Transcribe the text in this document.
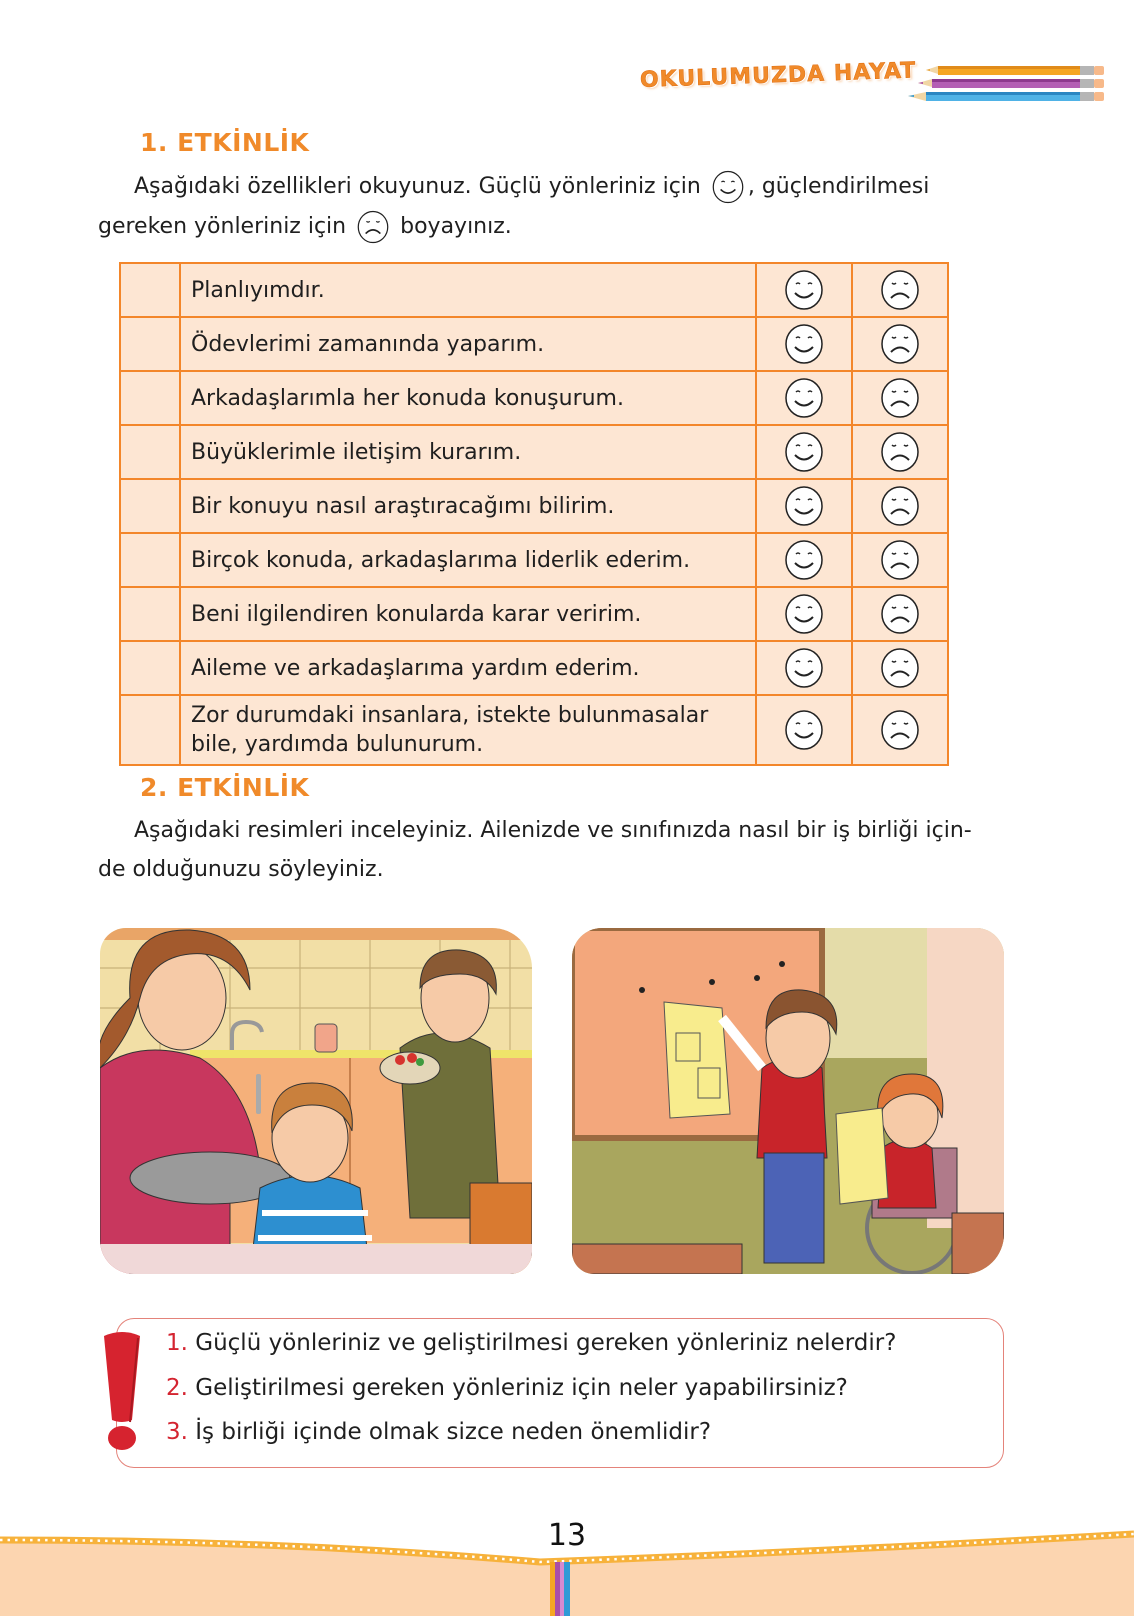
OKULUMUZDA HAYAT
1. ETKİNLİK
Aşağıdaki özellikleri okuyunuz. Güçlü yönleriniz için , güçlendirilmesi
gereken yönleriniz için boyayınız.
	Planlıyımdır.		
	Ödevlerimi zamanında yaparım.		
	Arkadaşlarımla her konuda konuşurum.		
	Büyüklerimle iletişim kurarım.		
	Bir konuyu nasıl araştıracağımı bilirim.		
	Birçok konuda, arkadaşlarıma liderlik ederim.		
	Beni ilgilendiren konularda karar veririm.		
	Aileme ve arkadaşlarıma yardım ederim.		
	Zor durumdaki insanlara, istekte bulunmasalar
bile, yardımda bulunurum.		
2. ETKİNLİK
Aşağıdaki resimleri inceleyiniz. Ailenizde ve sınıfınızda nasıl bir iş birliği için-
de olduğunuzu söyleyiniz.
1. Güçlü yönleriniz ve geliştirilmesi gereken yönleriniz nelerdir?
2. Geliştirilmesi gereken yönleriniz için neler yapabilirsiniz?
3. İş birliği içinde olmak sizce neden önemlidir?
13
